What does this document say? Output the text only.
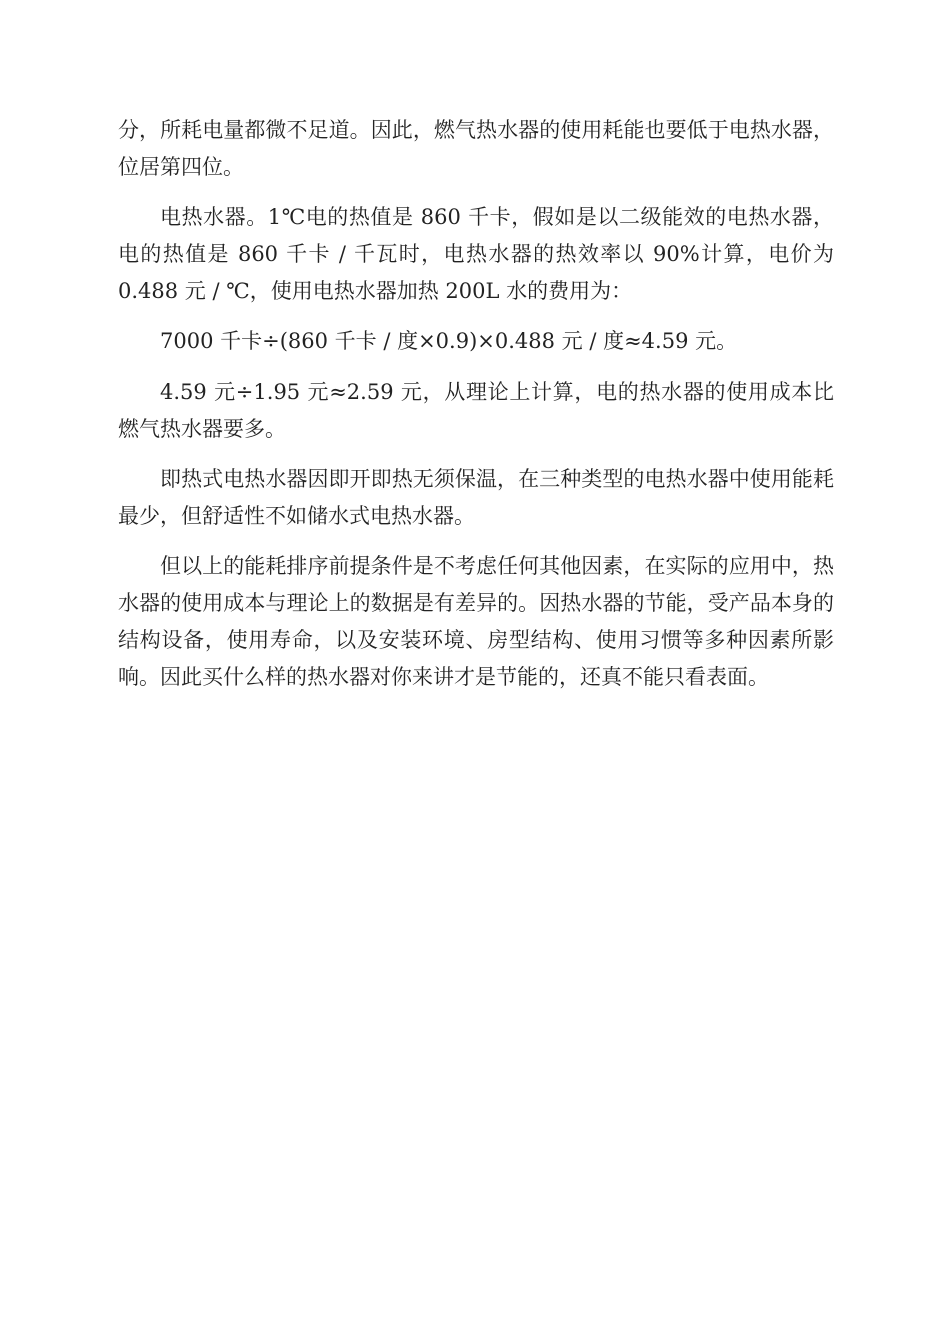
分，所耗电量都微不足道。因此，燃气热水器的使用耗能也要低于电热水器，位居第四位。

电热水器。1℃电的热值是 860 千卡，假如是以二级能效的电热水器，电的热值是 860 千卡 / 千瓦时，电热水器的热效率以 90%计算，电价为 0.488 元 / ℃，使用电热水器加热 200L 水的费用为：

7000 千卡÷(860 千卡 / 度×0.9)×0.488 元 / 度≈4.59 元。

4.59 元÷1.95 元≈2.59 元，从理论上计算，电的热水器的使用成本比燃气热水器要多。

即热式电热水器因即开即热无须保温，在三种类型的电热水器中使用能耗最少，但舒适性不如储水式电热水器。

但以上的能耗排序前提条件是不考虑任何其他因素，在实际的应用中，热水器的使用成本与理论上的数据是有差异的。因热水器的节能，受产品本身的结构设备，使用寿命，以及安装环境、房型结构、使用习惯等多种因素所影响。因此买什么样的热水器对你来讲才是节能的，还真不能只看表面。
